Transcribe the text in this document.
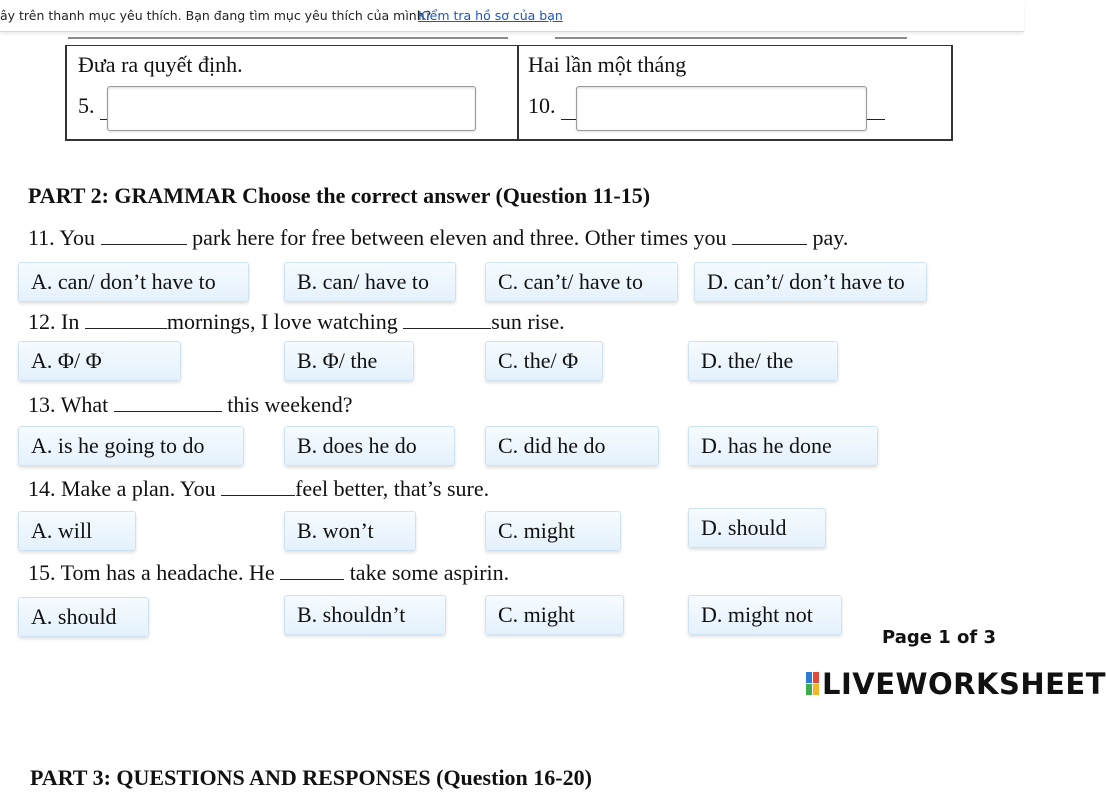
ây trên thanh mục yêu thích. Bạn đang tìm mục yêu thích của mình?
Kiểm tra hồ sơ của bạn
Đưa ra quyết định.	Hai lần một tháng
5.	10.
PART 2: GRAMMAR Choose the correct answer (Question 11-15)
11. You	park here for free between eleven and three. Other times you	pay.
A. can/ don’t have to	B. can/ have to	C. can’t/ have to	D. can’t/ don’t have to
12. In	mornings, I love watching	sun rise.
A. Φ/ Φ	B. Φ/ the	C. the/ Φ	D. the/ the
13. What	this weekend?
A. is he going to do	B. does he do	C. did he do	D. has he done
14. Make a plan. You	feel better, that’s sure.
A. will	B. won’t	C. might	D. should
15. Tom has a headache. He	take some aspirin.
A. should	B. shouldn’t	C. might	D. might not
Page 1 of 3
LIVEWORKSHEET
PART 3: QUESTIONS AND RESPONSES (Question 16-20)
